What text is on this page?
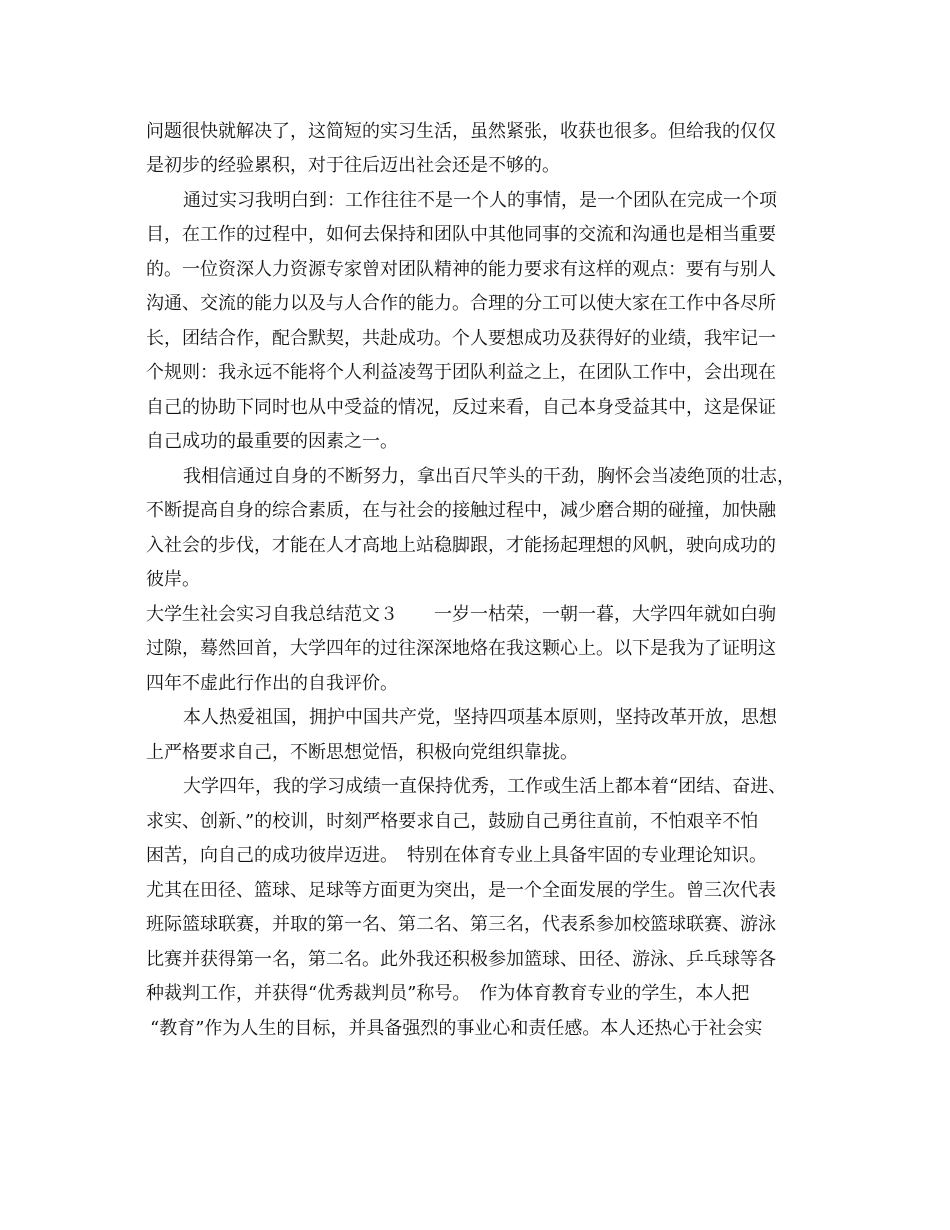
问题很快就解决了，这简短的实习生活，虽然紧张，收获也很多。但给我的仅仅
是初步的经验累积，对于往后迈出社会还是不够的。
通过实习我明白到：工作往往不是一个人的事情，是一个团队在完成一个项
目，在工作的过程中，如何去保持和团队中其他同事的交流和沟通也是相当重要
的。一位资深人力资源专家曾对团队精神的能力要求有这样的观点：要有与别人
沟通、交流的能力以及与人合作的能力。合理的分工可以使大家在工作中各尽所
长，团结合作，配合默契，共赴成功。个人要想成功及获得好的业绩，我牢记一
个规则：我永远不能将个人利益凌驾于团队利益之上，在团队工作中，会出现在
自己的协助下同时也从中受益的情况，反过来看，自己本身受益其中，这是保证
自己成功的最重要的因素之一。
我相信通过自身的不断努力，拿出百尺竿头的干劲，胸怀会当凌绝顶的壮志，
不断提高自身的综合素质，在与社会的接触过程中，减少磨合期的碰撞，加快融
入社会的步伐，才能在人才高地上站稳脚跟，才能扬起理想的风帆，驶向成功的
彼岸。
大学生社会实习自我总结范文３　　一岁一枯荣，一朝一暮，大学四年就如白驹
过隙，蓦然回首，大学四年的过往深深地烙在我这颗心上。以下是我为了证明这
四年不虚此行作出的自我评价。
本人热爱祖国，拥护中国共产党，坚持四项基本原则，坚持改革开放，思想
上严格要求自己，不断思想觉悟，积极向党组织靠拢。
大学四年，我的学习成绩一直保持优秀，工作或生活上都本着“团结、奋进、
求实、创新、”的校训，时刻严格要求自己，鼓励自己勇往直前，不怕艰辛不怕
困苦，向自己的成功彼岸迈进。　特别在体育专业上具备牢固的专业理论知识。
尤其在田径、篮球、足球等方面更为突出，是一个全面发展的学生。曾三次代表
班际篮球联赛，并取的第一名、第二名、第三名，代表系参加校篮球联赛、游泳
比赛并获得第一名，第二名。此外我还积极参加篮球、田径、游泳、乒乓球等各
种裁判工作，并获得“优秀裁判员”称号。　作为体育教育专业的学生，本人把
“教育”作为人生的目标，并具备强烈的事业心和责任感。本人还热心于社会实
